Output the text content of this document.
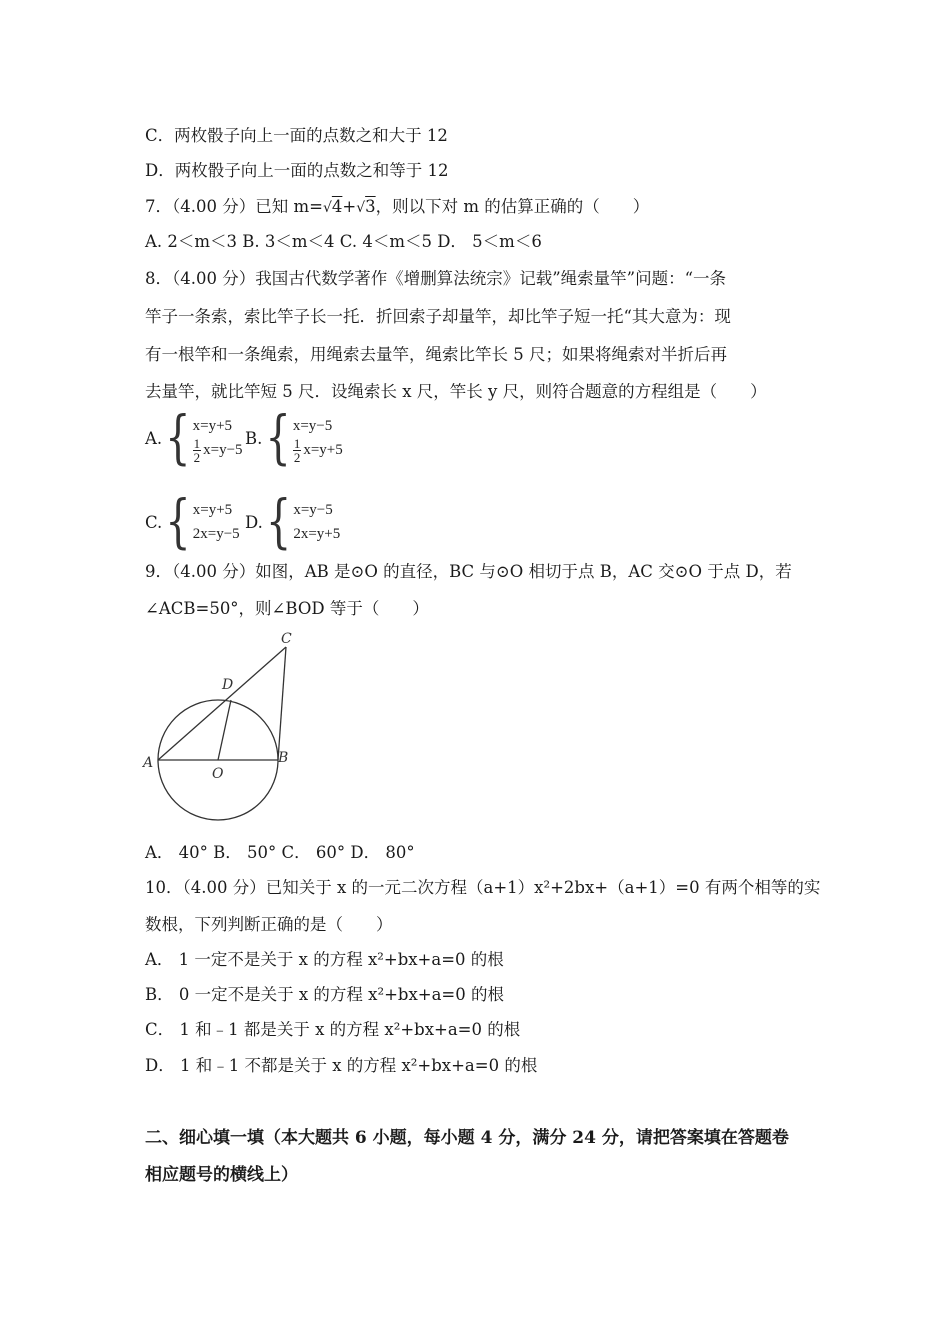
C．两枚骰子向上一面的点数之和大于 12
D．两枚骰子向上一面的点数之和等于 12
7．（4.00 分）已知 m=√4+√3，则以下对 m 的估算正确的（　　）
A. 2＜m＜3 B. 3＜m＜4 C. 4＜m＜5 D． 5＜m＜6
8．（4.00 分）我国古代数学著作《增删算法统宗》记载”绳索量竿”问题：“一条
竿子一条索，索比竿子长一托．折回索子却量竿，却比竿子短一托“其大意为：现
有一根竿和一条绳索，用绳索去量竿，绳索比竿长 5 尺；如果将绳索对半折后再
去量竿，就比竿短 5 尺．设绳索长 x 尺，竿长 y 尺，则符合题意的方程组是（　　）
A. { x=y+5
$\frac{1}{2} x=y-5$
B. { x=y−5
$\frac{1}{2} x=y+5$
C. { x=y+5
2x=y−5
D. { x=y−5
2x=y+5
9．（4.00 分）如图，AB 是⊙O 的直径，BC 与⊙O 相切于点 B，AC 交⊙O 于点 D，若
∠ACB=50°，则∠BOD 等于（　　）
A	B
C
D
O
A． 40° B． 50° C． 60° D． 80°
10．（4.00 分）已知关于 x 的一元二次方程（a+1）x²+2bx+（a+1）=0 有两个相等的实
数根，下列判断正确的是（　　）
A． 1 一定不是关于 x 的方程 x²+bx+a=0 的根
B． 0 一定不是关于 x 的方程 x²+bx+a=0 的根
C． 1 和﹣1 都是关于 x 的方程 x²+bx+a=0 的根
D． 1 和﹣1 不都是关于 x 的方程 x²+bx+a=0 的根
二、细心填一填（本大题共 6 小题，每小题 4 分，满分 24 分，请把答案填在答题卷
相应题号的横线上）
